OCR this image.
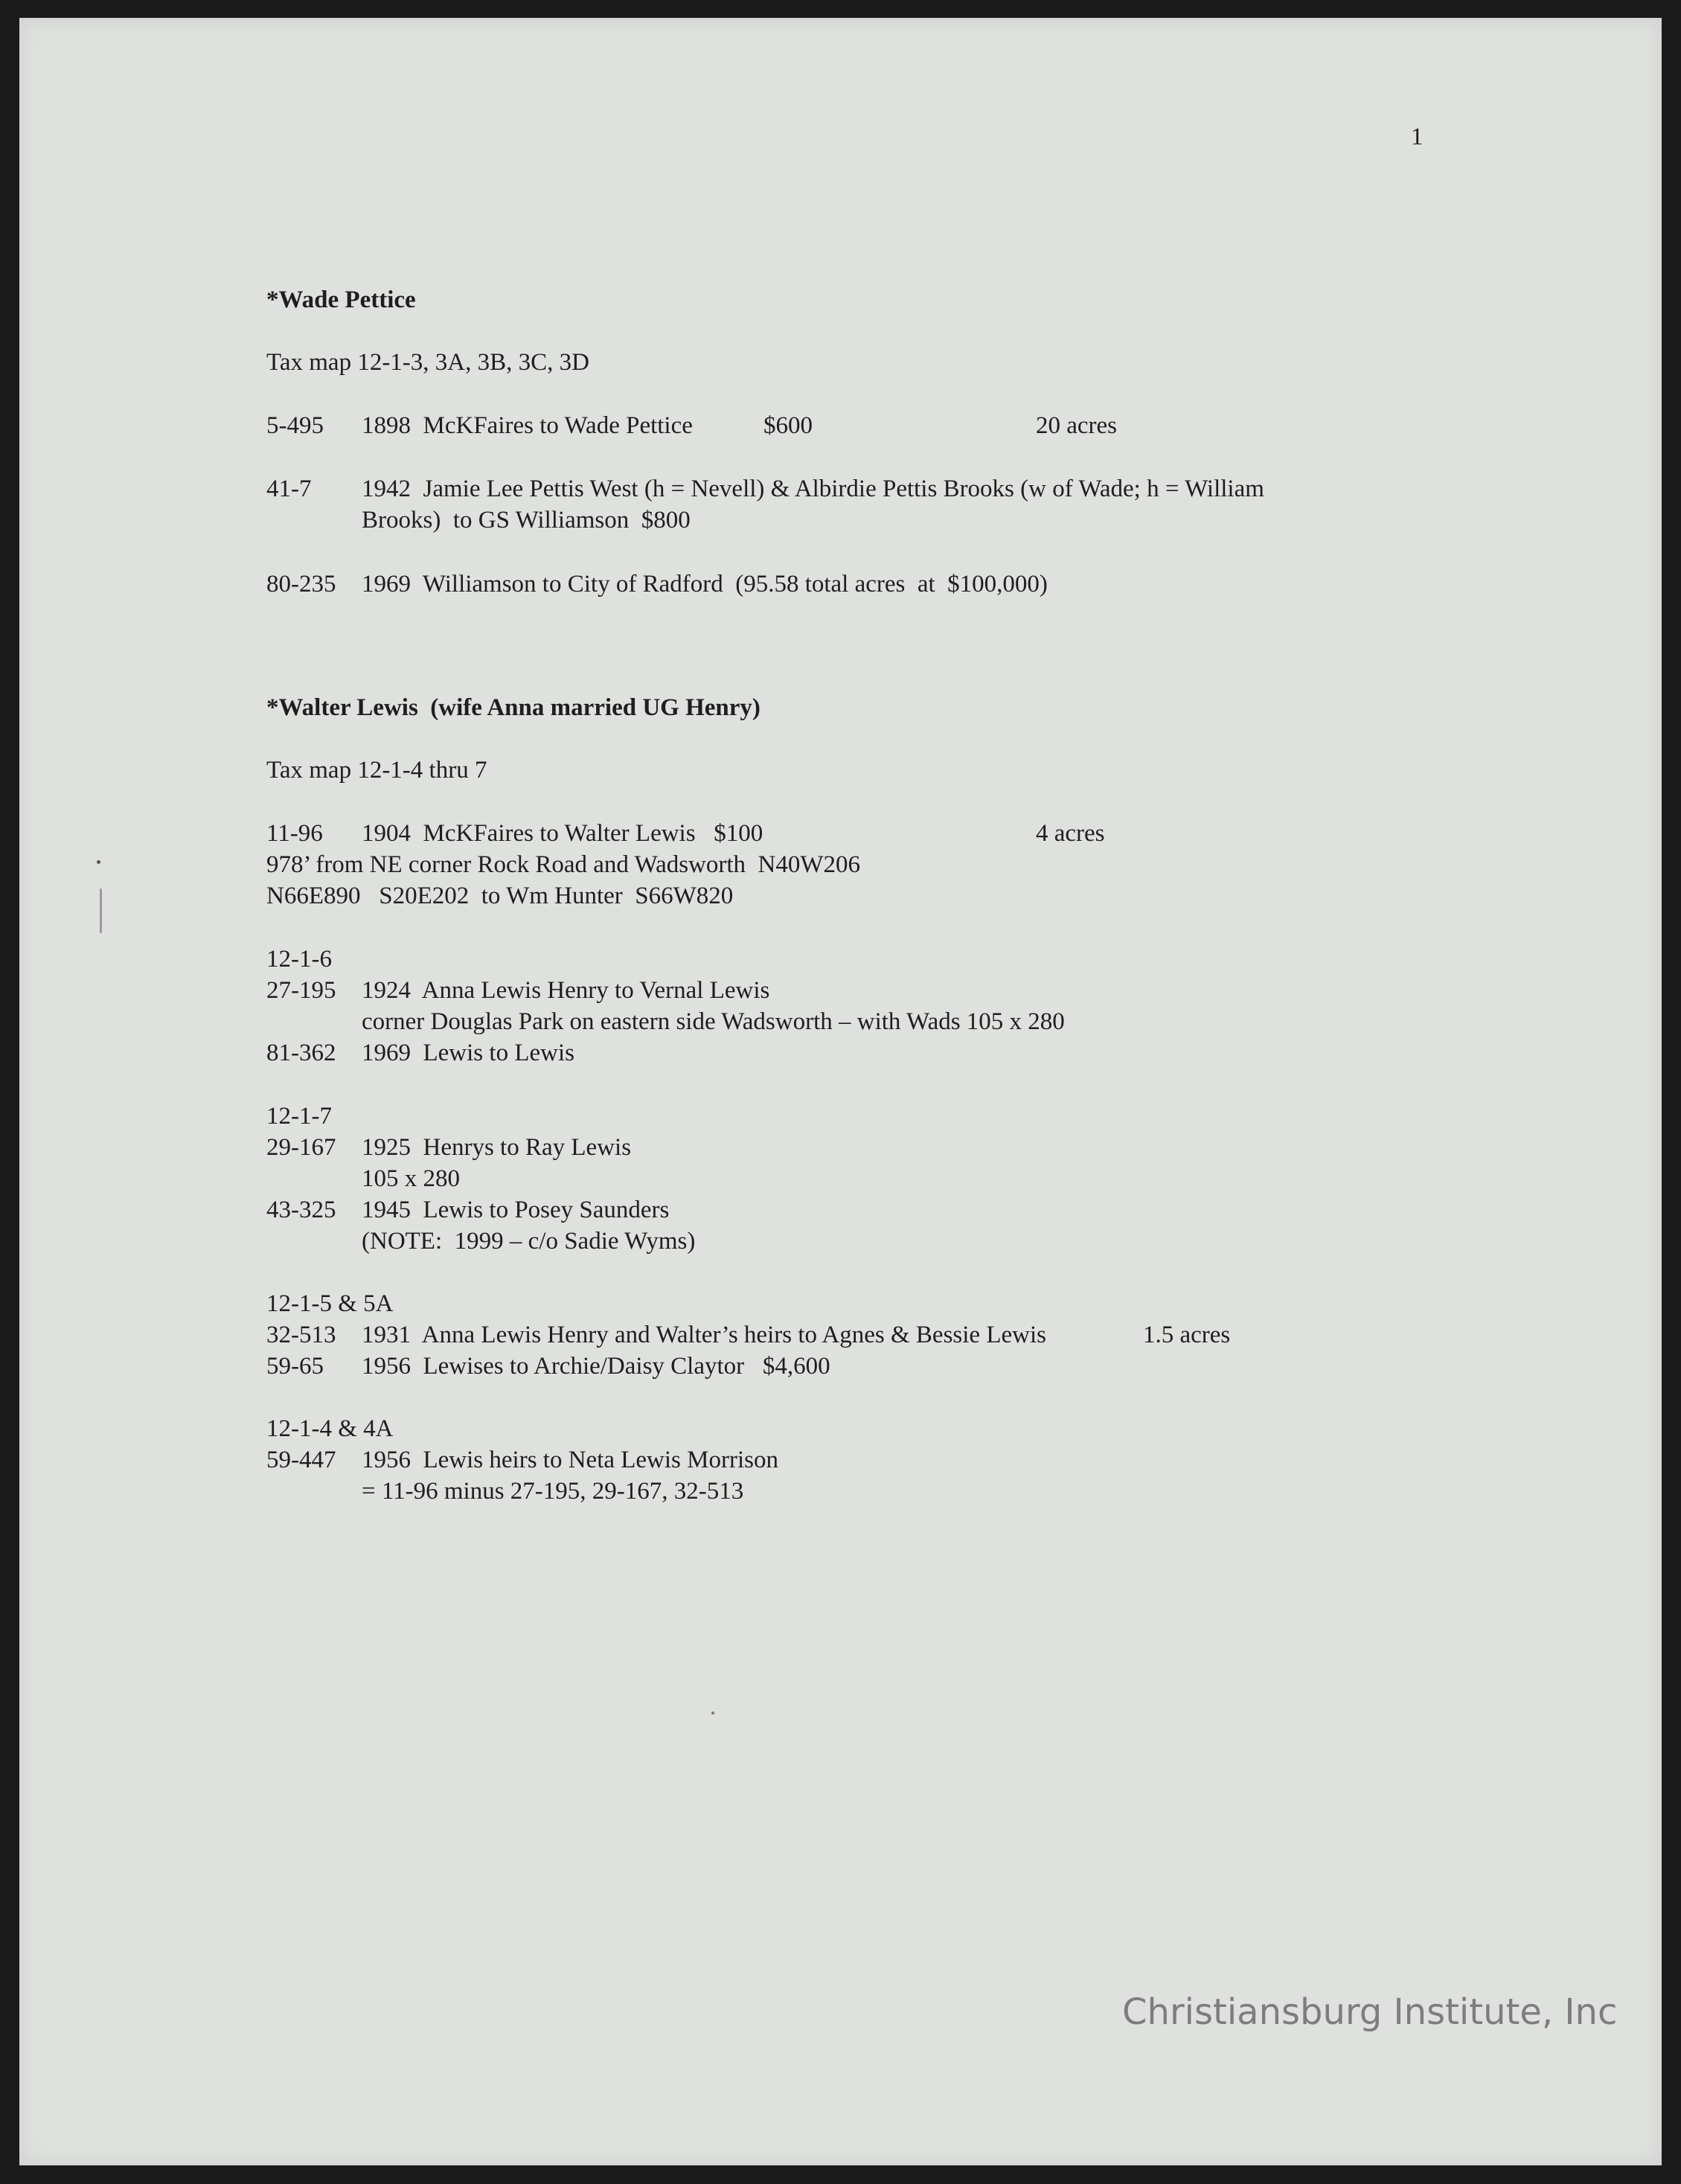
1
*Wade Pettice
Tax map 12-1-3, 3A, 3B, 3C, 3D
5-495 1898  McKFaires to Wade Pettice	$600	20 acres
41-7 1942  Jamie Lee Pettis West (h = Nevell) & Albirdie Pettis Brooks (w of Wade; h = William
Brooks)  to GS Williamson  $800
80-235 1969  Williamson to City of Radford  (95.58 total acres  at  $100,000)
*Walter Lewis  (wife Anna married UG Henry)
Tax map 12-1-4 thru 7
11-96 1904  McKFaires to Walter Lewis   $100	4 acres
978’ from NE corner Rock Road and Wadsworth  N40W206
N66E890   S20E202  to Wm Hunter  S66W820
12-1-6
27-195 1924  Anna Lewis Henry to Vernal Lewis
corner Douglas Park on eastern side Wadsworth – with Wads 105 x 280
81-362 1969  Lewis to Lewis
12-1-7
29-167 1925  Henrys to Ray Lewis
105 x 280
43-325 1945  Lewis to Posey Saunders
(NOTE:  1999 – c/o Sadie Wyms)
12-1-5 & 5A
32-513 1931  Anna Lewis Henry and Walter’s heirs to Agnes & Bessie Lewis	1.5 acres
59-65 1956  Lewises to Archie/Daisy Claytor   $4,600
12-1-4 & 4A
59-447 1956  Lewis heirs to Neta Lewis Morrison
= 11-96 minus 27-195, 29-167, 32-513
Christiansburg Institute, Inc
